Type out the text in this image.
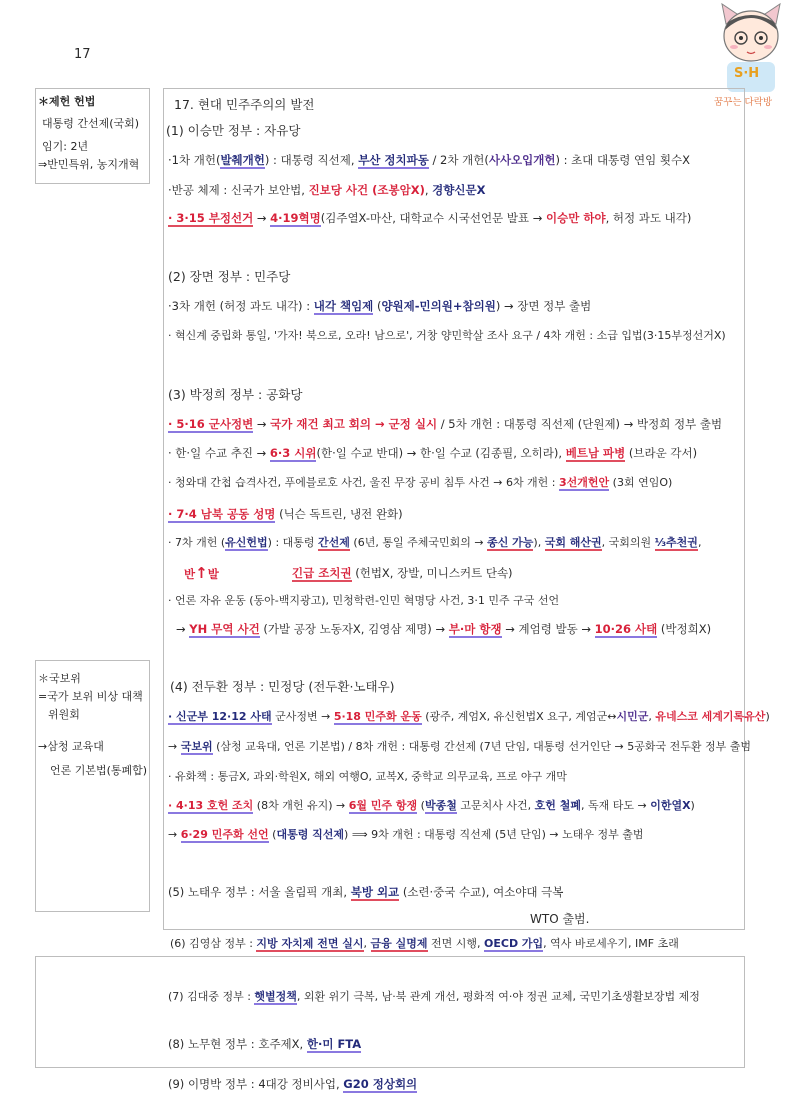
17
S·H
꿈꾸는 다락방
＊제헌 헌법
대통령 간선제(국회)
임기: 2년
⇒반민특위, 농지개혁
＊국보위
=국가 보위 비상 대책
위원회
→삼청 교육대
언론 기본법(통폐합)
17. 현대 민주주의의 발전
(1) 이승만 정부 : 자유당
·1차 개헌(발췌개헌) : 대통령 직선제, 부산 정치파동 / 2차 개헌(사사오입개헌) : 초대 대통령 연임 횟수X
·반공 체제 : 신국가 보안법, 진보당 사건 (조봉암X), 경향신문X
· 3·15 부정선거 → 4·19혁명(김주열X-마산, 대학교수 시국선언문 발표 → 이승만 하야, 허정 과도 내각)
(2) 장면 정부 : 민주당
·3차 개헌 (허정 과도 내각) : 내각 책임제 (양원제-민의원+참의원) → 장면 정부 출범
· 혁신계 중립화 통일, '가자! 북으로, 오라! 남으로', 거창 양민학살 조사 요구 / 4차 개헌 : 소급 입법(3·15부정선거X)
(3) 박정희 정부 : 공화당
· 5·16 군사정변 → 국가 재건 최고 회의 → 군정 실시 / 5차 개헌 : 대통령 직선제 (단원제) → 박정희 정부 출범
· 한·일 수교 추진 → 6·3 시위(한·일 수교 반대) → 한·일 수교 (김종필, 오히라), 베트남 파병 (브라운 각서)
· 청와대 간첩 습격사건, 푸에블로호 사건, 울진 무장 공비 침투 사건 → 6차 개헌 : 3선개헌안 (3회 연임O)
· 7·4 남북 공동 성명 (닉슨 독트린, 냉전 완화)
· 7차 개헌 (유신헌법) : 대통령 간선제 (6년, 통일 주체국민회의 → 종신 가능), 국회 해산권, 국회의원 ⅓추천권,
반↑발	긴급 조치권 (헌법X, 장발, 미니스커트 단속)
· 언론 자유 운동 (동아-백지광고), 민청학련-인민 혁명당 사건, 3·1 민주 구국 선언
→ YH 무역 사건 (가발 공장 노동자X, 김영삼 제명) → 부·마 항쟁 → 계엄령 발동 → 10·26 사태 (박정희X)
(4) 전두환 정부 : 민정당 (전두환·노태우)
· 신군부 12·12 사태 군사정변 → 5·18 민주화 운동 (광주, 계엄X, 유신헌법X 요구, 계엄군↔시민군, 유네스코 세계기록유산)
→ 국보위 (삼청 교육대, 언론 기본법) / 8차 개헌 : 대통령 간선제 (7년 단임, 대통령 선거인단 → 5공화국 전두환 정부 출범
· 유화책 : 통금X, 과외·학원X, 해외 여행O, 교복X, 중학교 의무교육, 프로 야구 개막
· 4·13 호헌 조치 (8차 개헌 유지) → 6월 민주 항쟁 (박종철 고문치사 사건, 호헌 철폐, 독재 타도 → 이한열X)
→ 6·29 민주화 선언 (대통령 직선제) ⟹ 9차 개헌 : 대통령 직선제 (5년 단임) → 노태우 정부 출범
(5) 노태우 정부 : 서울 올림픽 개최, 북방 외교 (소련·중국 수교), 여소야대 극복
WTO 출범.
(6) 김영삼 정부 : 지방 자치제 전면 실시, 금융 실명제 전면 시행, OECD 가입, 역사 바로세우기, IMF 초래
(7) 김대중 정부 : 햇볕정책, 외환 위기 극복, 남·북 관계 개선, 평화적 여·야 정권 교체, 국민기초생활보장법 제정
(8) 노무현 정부 : 호주제X, 한·미 FTA
(9) 이명박 정부 : 4대강 정비사업, G20 정상회의
